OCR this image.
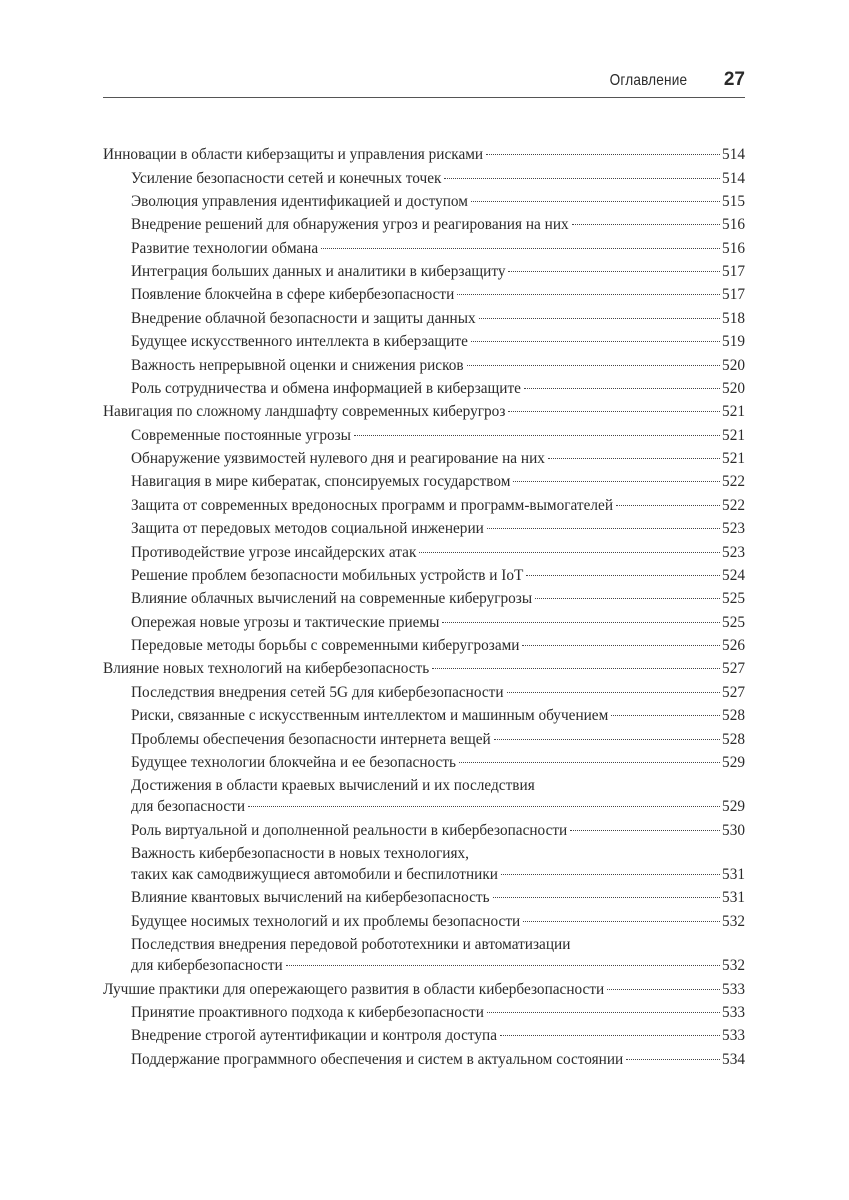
Оглавление 27
Инновации в области киберзащиты и управления рисками	514
Усиление безопасности сетей и конечных точек	514
Эволюция управления идентификацией и доступом	515
Внедрение решений для обнаружения угроз и реагирования на них	516
Развитие технологии обмана	516
Интеграция больших данных и аналитики в киберзащиту	517
Появление блокчейна в сфере кибербезопасности	517
Внедрение облачной безопасности и защиты данных	518
Будущее искусственного интеллекта в киберзащите	519
Важность непрерывной оценки и снижения рисков	520
Роль сотрудничества и обмена информацией в киберзащите	520
Навигация по сложному ландшафту современных киберугроз	521
Современные постоянные угрозы	521
Обнаружение уязвимостей нулевого дня и реагирование на них	521
Навигация в мире кибератак, спонсируемых государством	522
Защита от современных вредоносных программ и программ-вымогателей	522
Защита от передовых методов социальной инженерии	523
Противодействие угрозе инсайдерских атак	523
Решение проблем безопасности мобильных устройств и IoT	524
Влияние облачных вычислений на современные киберугрозы	525
Опережая новые угрозы и тактические приемы	525
Передовые методы борьбы с современными киберугрозами	526
Влияние новых технологий на кибербезопасность	527
Последствия внедрения сетей 5G для кибербезопасности	527
Риски, связанные с искусственным интеллектом и машинным обучением	528
Проблемы обеспечения безопасности интернета вещей	528
Будущее технологии блокчейна и ее безопасность	529
Достижения в области краевых вычислений и их последствия
для безопасности	529
Роль виртуальной и дополненной реальности в кибербезопасности	530
Важность кибербезопасности в новых технологиях,
таких как самодвижущиеся автомобили и беспилотники	531
Влияние квантовых вычислений на кибербезопасность	531
Будущее носимых технологий и их проблемы безопасности	532
Последствия внедрения передовой робототехники и автоматизации
для кибербезопасности	532
Лучшие практики для опережающего развития в области кибербезопасности	533
Принятие проактивного подхода к кибербезопасности	533
Внедрение строгой аутентификации и контроля доступа	533
Поддержание программного обеспечения и систем в актуальном состоянии	534
